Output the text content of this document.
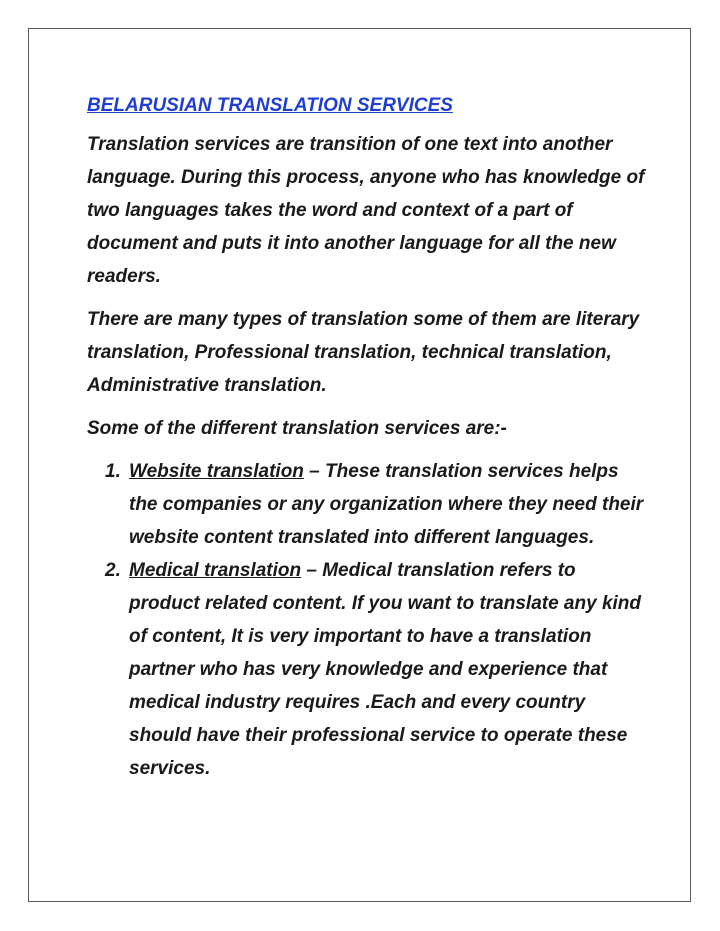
BELARUSIAN TRANSLATION SERVICES

Translation services are transition of one text into another language. During this process, anyone who has knowledge of two languages takes the word and context of a part of document and puts it into another language for all the new readers.

There are many types of translation some of them are literary translation, Professional translation, technical translation, Administrative translation.

Some of the different translation services are:-

1. Website translation – These translation services helps the companies or any organization where they need their website content translated into different languages.
2. Medical translation – Medical translation refers to product related content. If you want to translate any kind of content, It is very important to have a translation partner who has very knowledge and experience that medical industry requires .Each and every country should have their professional service to operate these services.
